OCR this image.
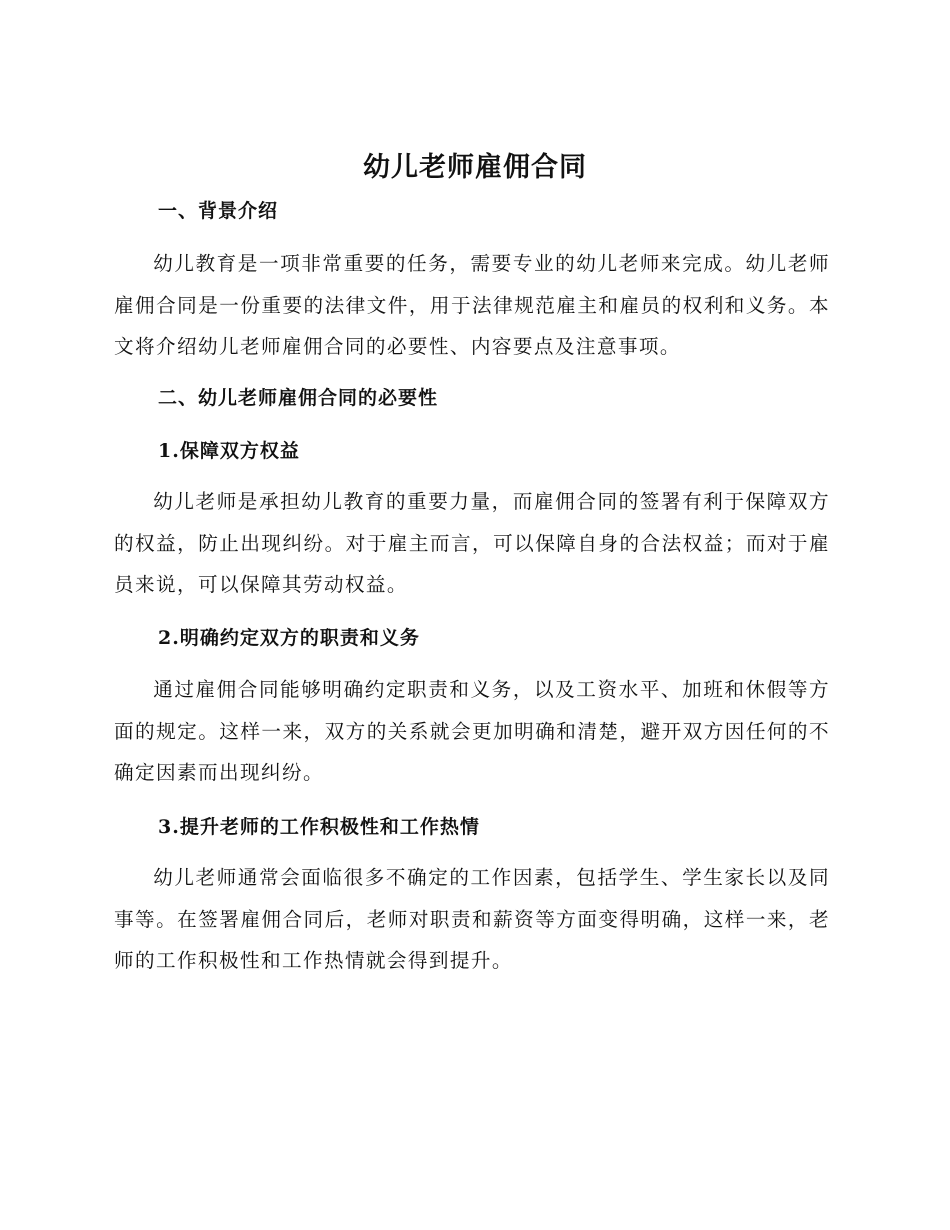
幼儿老师雇佣合同
一、背景介绍
幼儿教育是一项非常重要的任务，需要专业的幼儿老师来完成。幼儿老师雇佣合同是一份重要的法律文件，用于法律规范雇主和雇员的权利和义务。本文将介绍幼儿老师雇佣合同的必要性、内容要点及注意事项。
二、幼儿老师雇佣合同的必要性
1.保障双方权益
幼儿老师是承担幼儿教育的重要力量，而雇佣合同的签署有利于保障双方的权益，防止出现纠纷。对于雇主而言，可以保障自身的合法权益；而对于雇员来说，可以保障其劳动权益。
2.明确约定双方的职责和义务
通过雇佣合同能够明确约定职责和义务，以及工资水平、加班和休假等方面的规定。这样一来，双方的关系就会更加明确和清楚，避开双方因任何的不确定因素而出现纠纷。
3.提升老师的工作积极性和工作热情
幼儿老师通常会面临很多不确定的工作因素，包括学生、学生家长以及同事等。在签署雇佣合同后，老师对职责和薪资等方面变得明确，这样一来，老师的工作积极性和工作热情就会得到提升。
